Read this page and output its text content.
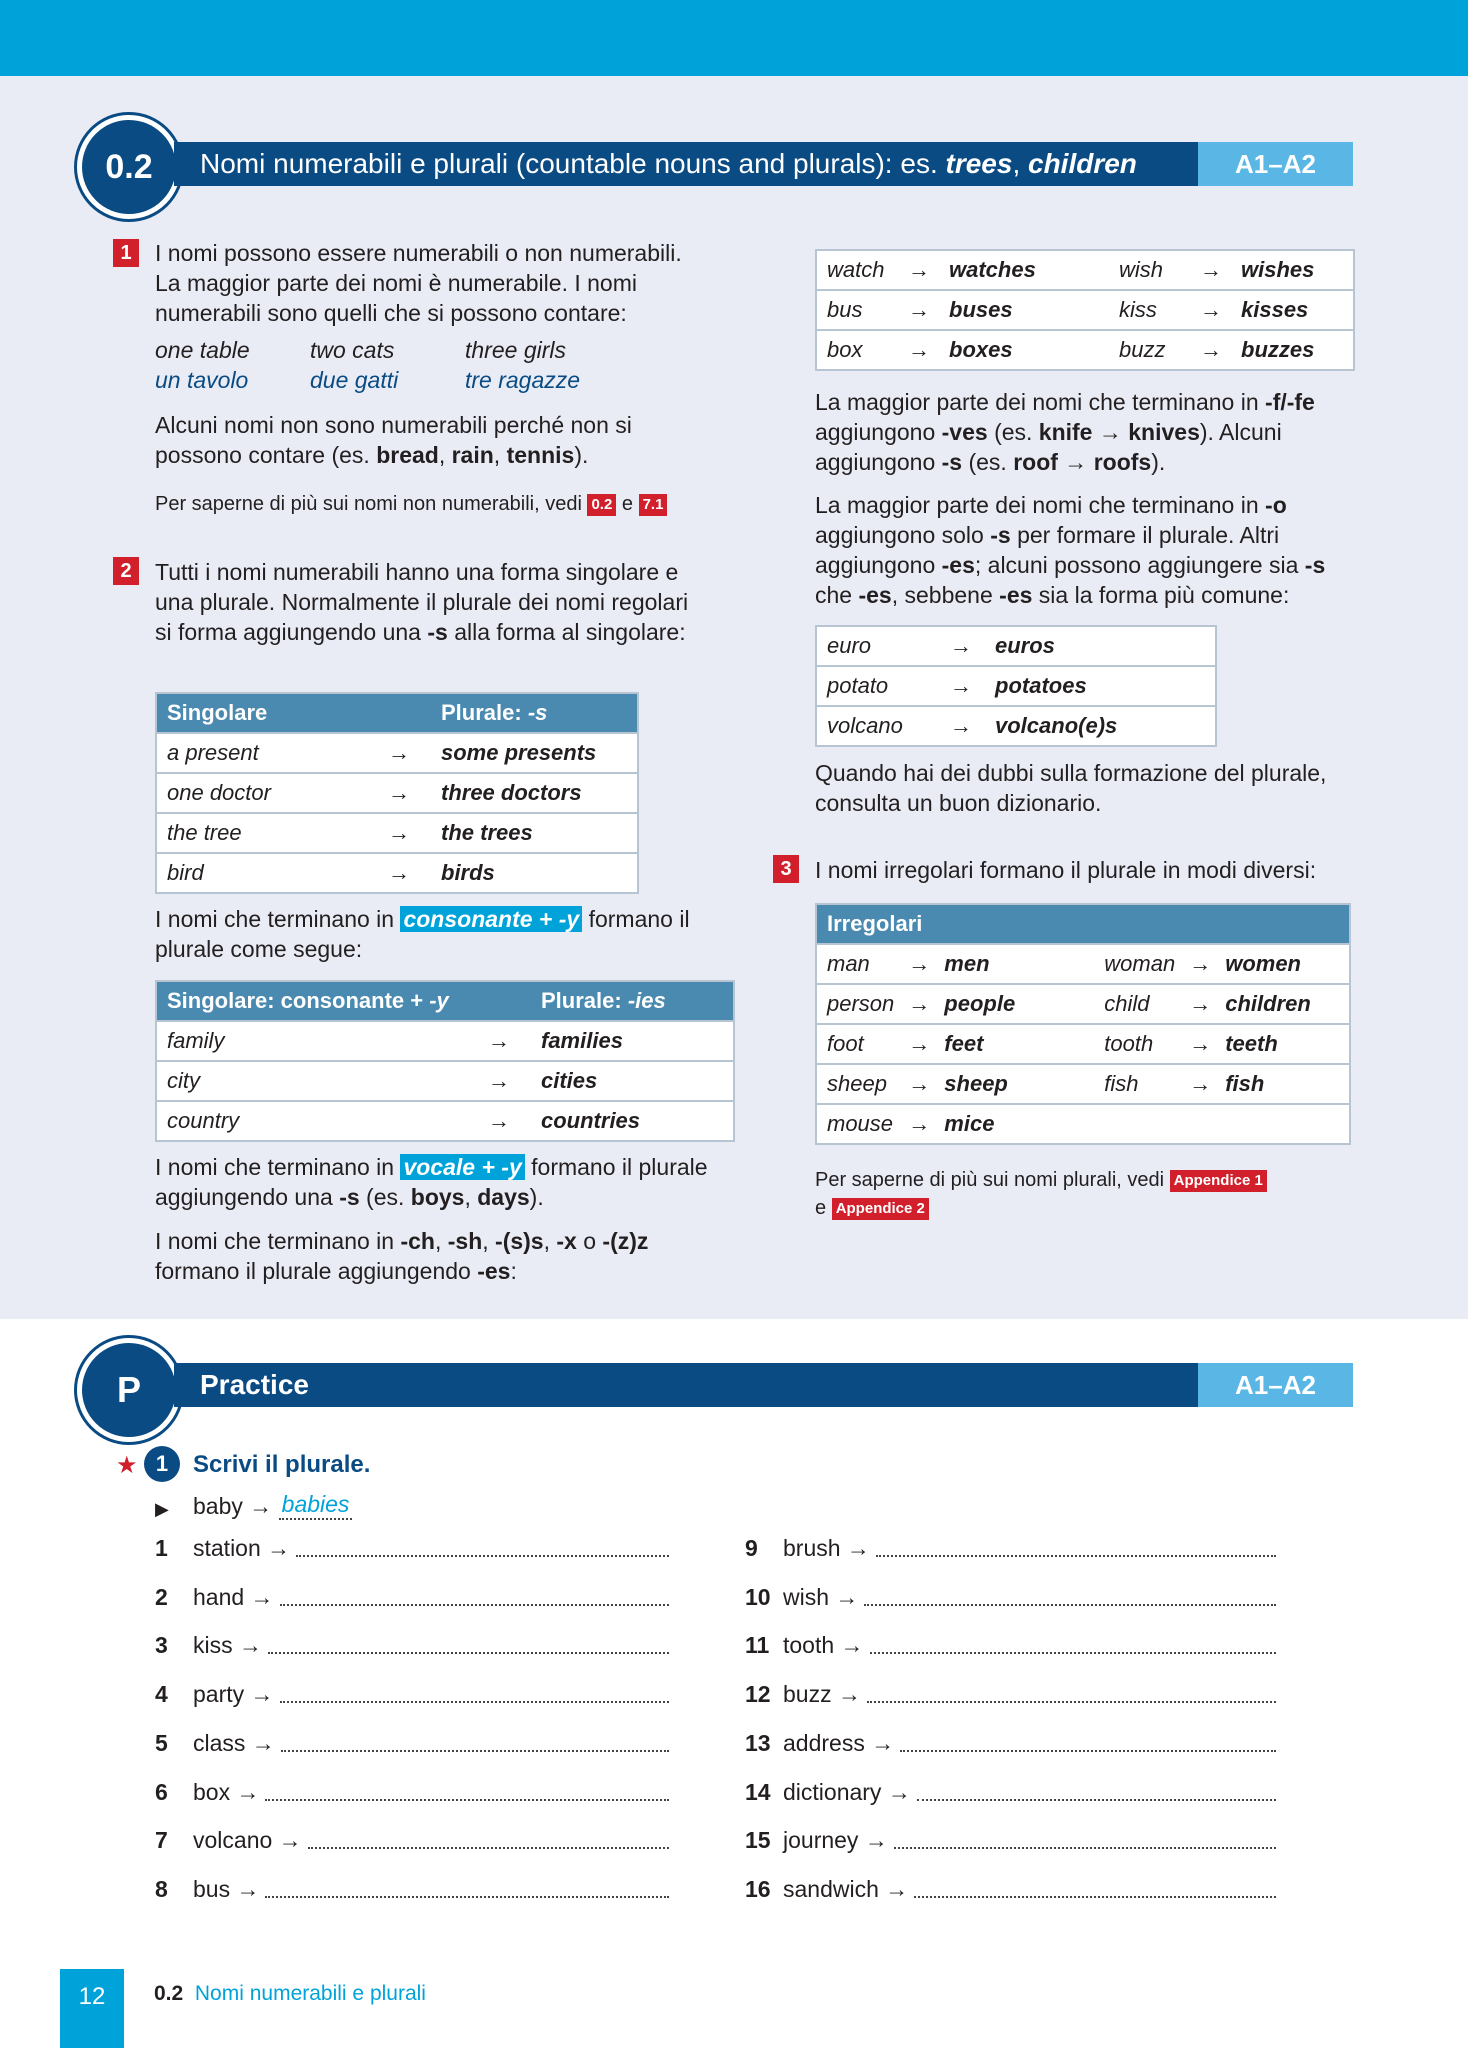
0.2	Nomi numerabili e plurali (countable nouns and plurals): es. trees, children	A1–A2
1	I nomi possono essere numerabili o non numerabili. La maggior parte dei nomi è numerabile. I nomi numerabili sono quelli che si possono contare:
one table	two cats	three girls
un tavolo	due gatti	tre ragazze
Alcuni nomi non sono numerabili perché non si possono contare (es. bread, rain, tennis).
Per saperne di più sui nomi non numerabili, vedi 0.2 e 7.1
2	Tutti i nomi numerabili hanno una forma singolare e una plurale. Normalmente il plurale dei nomi regolari si forma aggiungendo una -s alla forma al singolare:
Singolare		Plurale: -s
a present	→	some presents
one doctor	→	three doctors
the tree	→	the trees
bird	→	birds
I nomi che terminano in consonante + -y formano il plurale come segue:
Singolare: consonante + -y		Plurale: -ies
family	→	families
city	→	cities
country	→	countries
I nomi che terminano in vocale + -y formano il plurale aggiungendo una -s (es. boys, days).
I nomi che terminano in -ch, -sh, -(s)s, -x o -(z)z formano il plurale aggiungendo -es:
watch	→	watches	wish	→	wishes
bus	→	buses	kiss	→	kisses
box	→	boxes	buzz	→	buzzes
La maggior parte dei nomi che terminano in -f/-fe aggiungono -ves (es. knife → knives). Alcuni aggiungono -s (es. roof → roofs).
La maggior parte dei nomi che terminano in -o aggiungono solo -s per formare il plurale. Altri aggiungono -es; alcuni possono aggiungere sia -s che -es, sebbene -es sia la forma più comune:
euro	→	euros
potato	→	potatoes
volcano	→	volcano(e)s
Quando hai dei dubbi sulla formazione del plurale, consulta un buon dizionario.
3	I nomi irregolari formano il plurale in modi diversi:
Irregolari					
man	→	men	woman	→	women
person	→	people	child	→	children
foot	→	feet	tooth	→	teeth
sheep	→	sheep	fish	→	fish
mouse	→	mice			
Per saperne di più sui nomi plurali, vedi Appendice 1
e Appendice 2
P	Practice	A1–A2
★ 1	Scrivi il plurale.
▶	baby → babies
1	station →
2	hand →
3	kiss →
4	party →
5	class →
6	box →
7	volcano →
8	bus →
9	brush →
10 wish →
11 tooth →
12 buzz →
13 address →
14 dictionary →
15 journey →
16 sandwich →
12	0.2 Nomi numerabili e plurali
